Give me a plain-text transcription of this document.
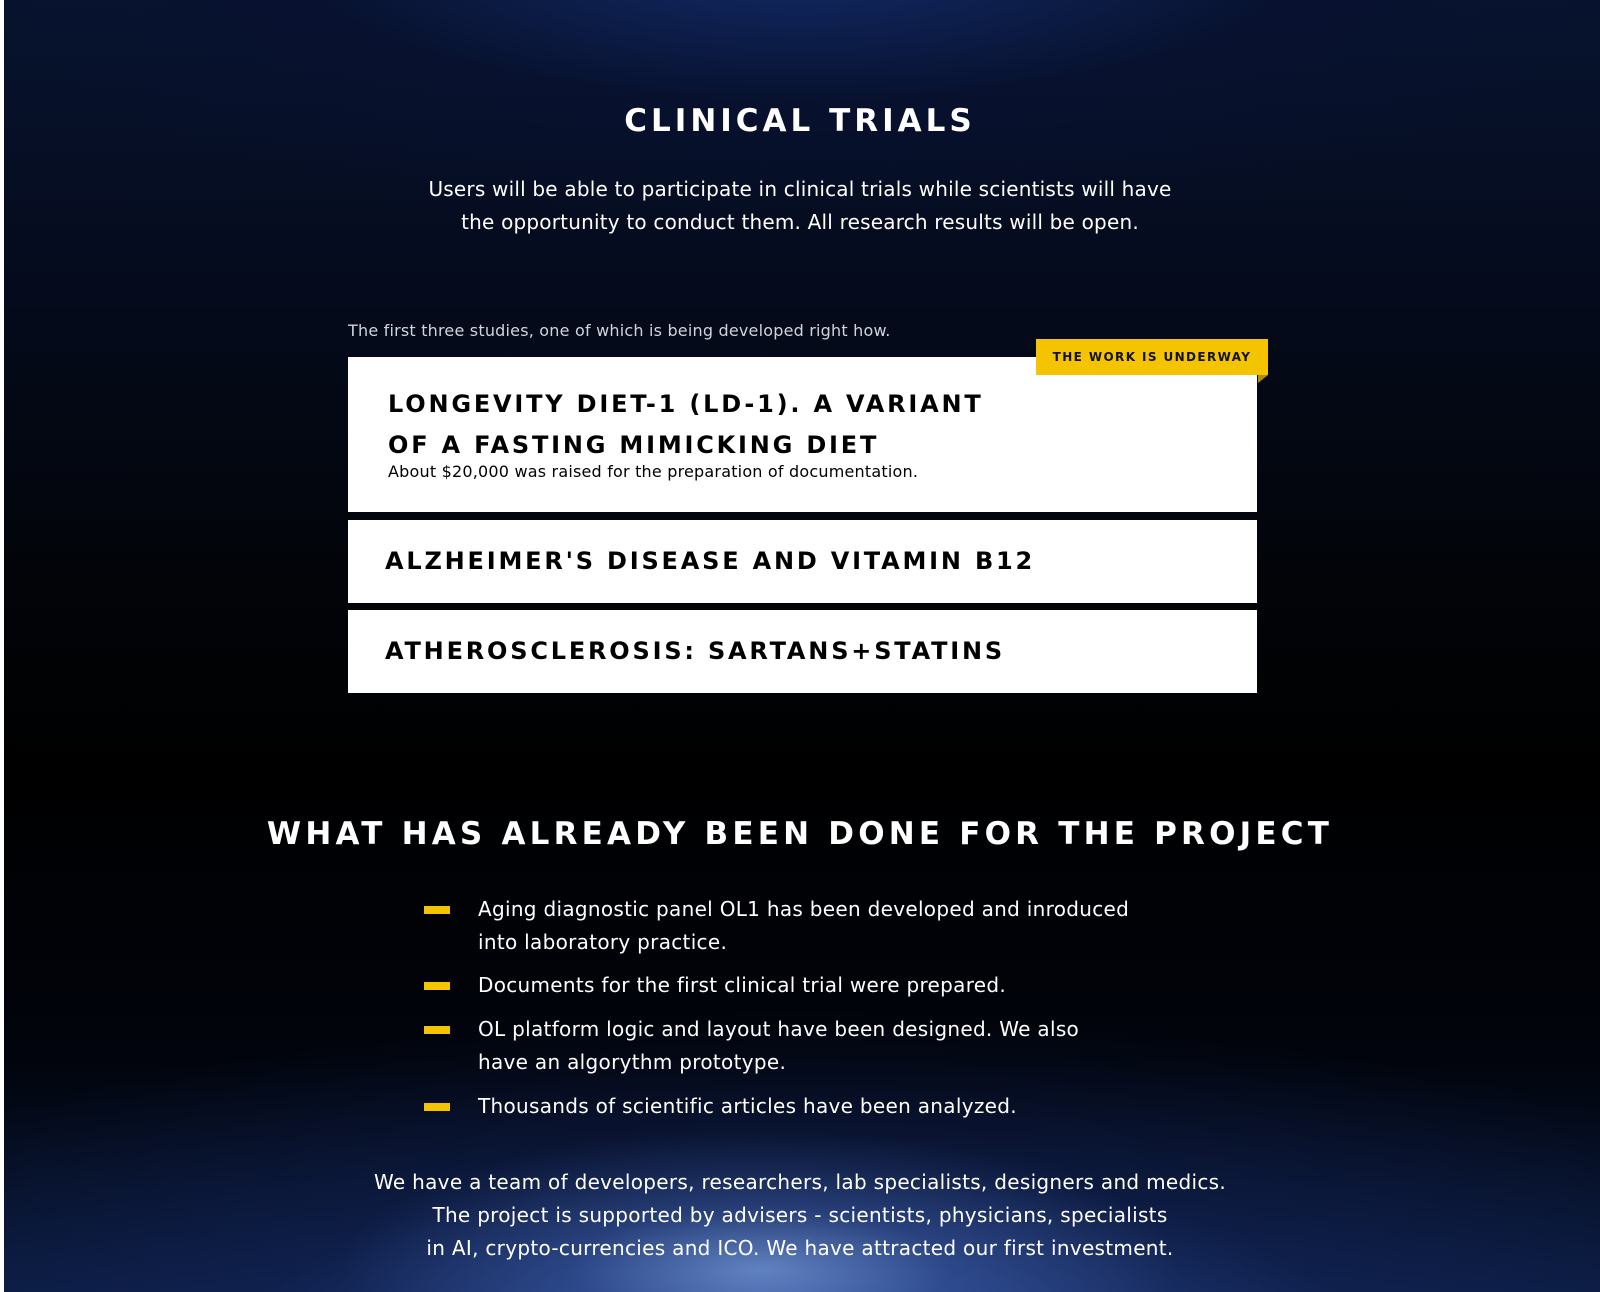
CLINICAL TRIALS

Users will be able to participate in clinical trials while scientists will have
the opportunity to conduct them. All research results will be open.

The first three studies, one of which is being developed right how.

LONGEVITY DIET-1 (LD-1). A VARIANT
OF A FASTING MIMICKING DIET

About $20,000 was raised for the preparation of documentation.

THE WORK IS UNDERWAY

ALZHEIMER'S DISEASE AND VITAMIN B12

ATHEROSCLEROSIS: SARTANS+STATINS

WHAT HAS ALREADY BEEN DONE FOR THE PROJECT
Aging diagnostic panel OL1 has been developed and inroduced
into laboratory practice.
Documents for the first clinical trial were prepared.
OL platform logic and layout have been designed. We also
have an algorythm prototype.
Thousands of scientific articles have been analyzed.

We have a team of developers, researchers, lab specialists, designers and medics.
The project is supported by advisers - scientists, physicians, specialists
in AI, crypto-currencies and ICO. We have attracted our first investment.
